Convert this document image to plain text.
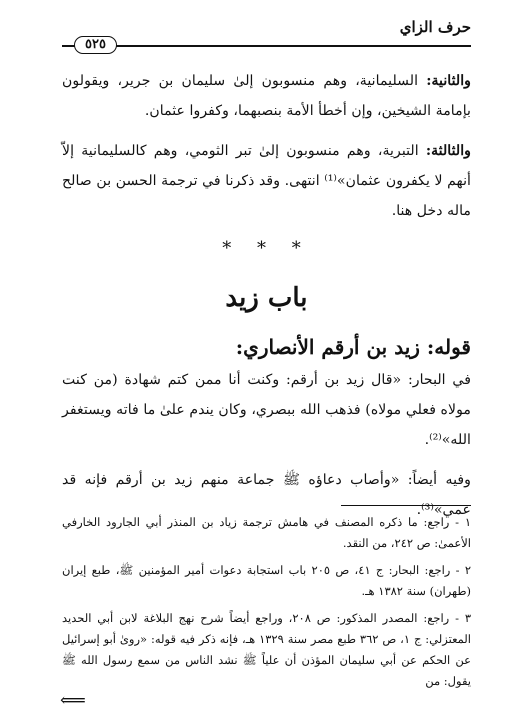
حرف الزاي
٥٢٥

والثانية: السليمانية، وهم منسوبون إلىٰ سليمان بن جرير، ويقولون بإمامة الشيخين، وإن أخطأ الأمة بنصبهما، وكفروا عثمان.

والثالثة: التبرية، وهم منسوبون إلىٰ تبر الثومي، وهم كالسليمانية إلاّ أنهم لا يكفرون عثمان»⁽¹⁾ انتهى. وقد ذكرنا في ترجمة الحسن بن صالح ماله دخل هنا.

* * *
باب زيد
قوله: زيد بن أرقم الأنصاري:

في البحار: «قال زيد بن أرقم: وكنت أنا ممن كتم شهادة (من كنت مولاه فعلي مولاه) فذهب الله ببصري، وكان يندم علىٰ ما فاته ويستغفر الله»⁽²⁾.

وفيه أيضاً: «وأصاب دعاؤه ﷺ جماعة منهم زيد بن أرقم فإنه قد عمي»⁽³⁾.

١ - راجع: ما ذكره المصنف في هامش ترجمة زياد بن المنذر أبي الجارود الخارفي الأعمىٰ: ص ٢٤٢، من النقد.

٢ - راجع: البحار: ج ٤١، ص ٢٠٥ باب استجابة دعوات أمير المؤمنين ﷺ، طبع إيران (طهران) سنة ١٣٨٢ هـ.

٣ - راجع: المصدر المذكور: ص ٢٠٨، وراجع أيضاً شرح نهج البلاغة لابن أبي الحديد المعتزلي: ج ١، ص ٣٦٢ طبع مصر سنة ١٣٢٩ هـ، فإنه ذكر فيه قوله: «روىٰ أبو إسرائيل عن الحكم عن أبي سليمان المؤذن أن علياً ﷺ نشد الناس من سمع رسول الله ﷺ يقول: من

⟸
